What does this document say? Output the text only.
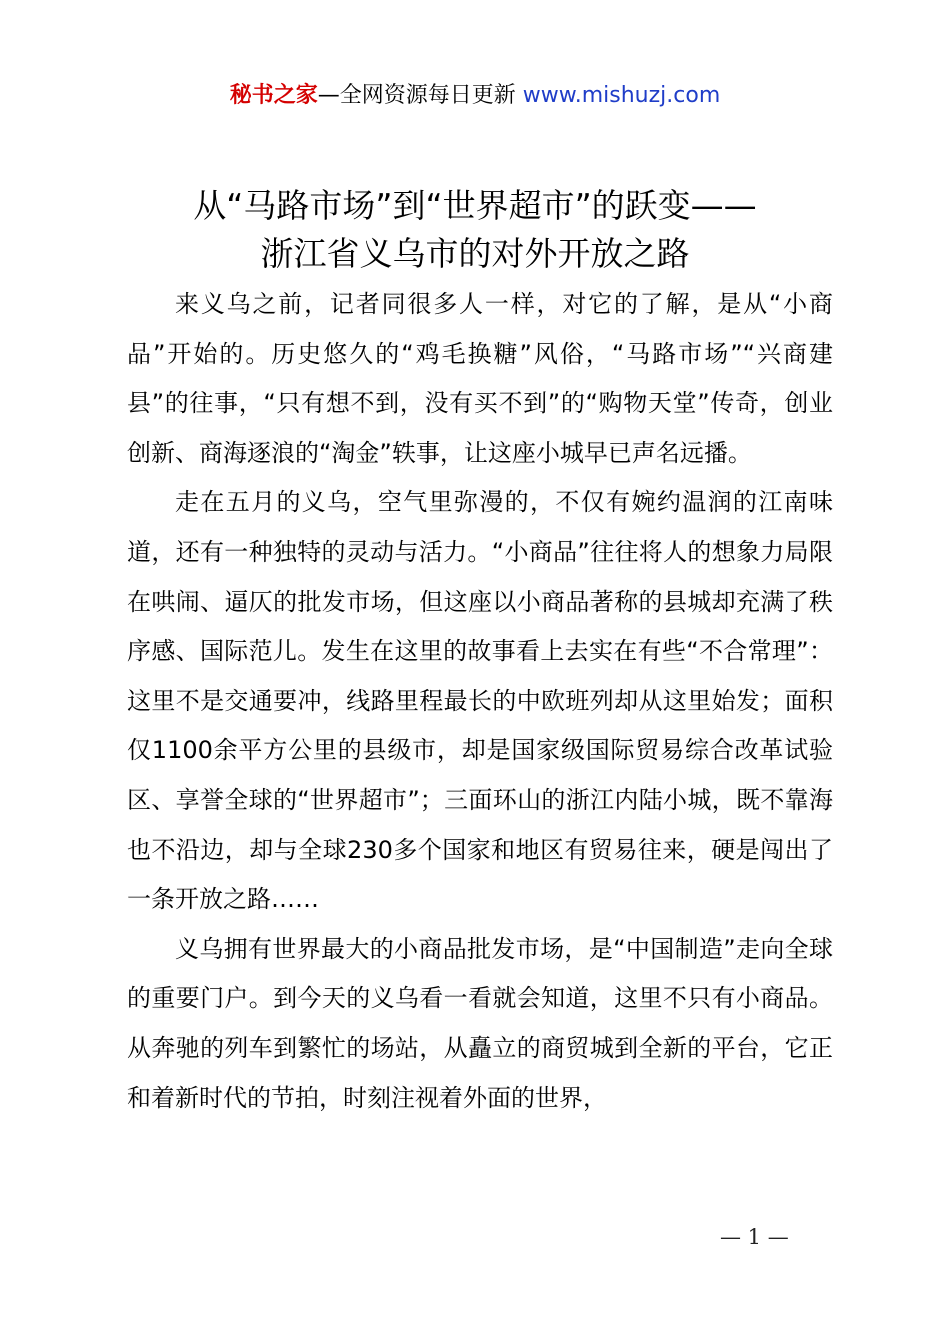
秘书之家—全网资源每日更新 www.mishuzj.com
从“马路市场”到“世界超市”的跃变——
浙江省义乌市的对外开放之路

来义乌之前，记者同很多人一样，对它的了解，是从“小商品”开始的。历史悠久的“鸡毛换糖”风俗，“马路市场”“兴商建县”的往事，“只有想不到，没有买不到”的“购物天堂”传奇，创业创新、商海逐浪的“淘金”轶事，让这座小城早已声名远播。

走在五月的义乌，空气里弥漫的，不仅有婉约温润的江南味道，还有一种独特的灵动与活力。“小商品”往往将人的想象力局限在哄闹、逼仄的批发市场，但这座以小商品著称的县城却充满了秩序感、国际范儿。发生在这里的故事看上去实在有些“不合常理”：这里不是交通要冲，线路里程最长的中欧班列却从这里始发；面积仅1100余平方公里的县级市，却是国家级国际贸易综合改革试验区、享誉全球的“世界超市”；三面环山的浙江内陆小城，既不靠海也不沿边，却与全球230多个国家和地区有贸易往来，硬是闯出了一条开放之路……

义乌拥有世界最大的小商品批发市场，是“中国制造”走向全球的重要门户。到今天的义乌看一看就会知道，这里不只有小商品。从奔驰的列车到繁忙的场站，从矗立的商贸城到全新的平台，它正和着新时代的节拍，时刻注视着外面的世界，

— 1 —
